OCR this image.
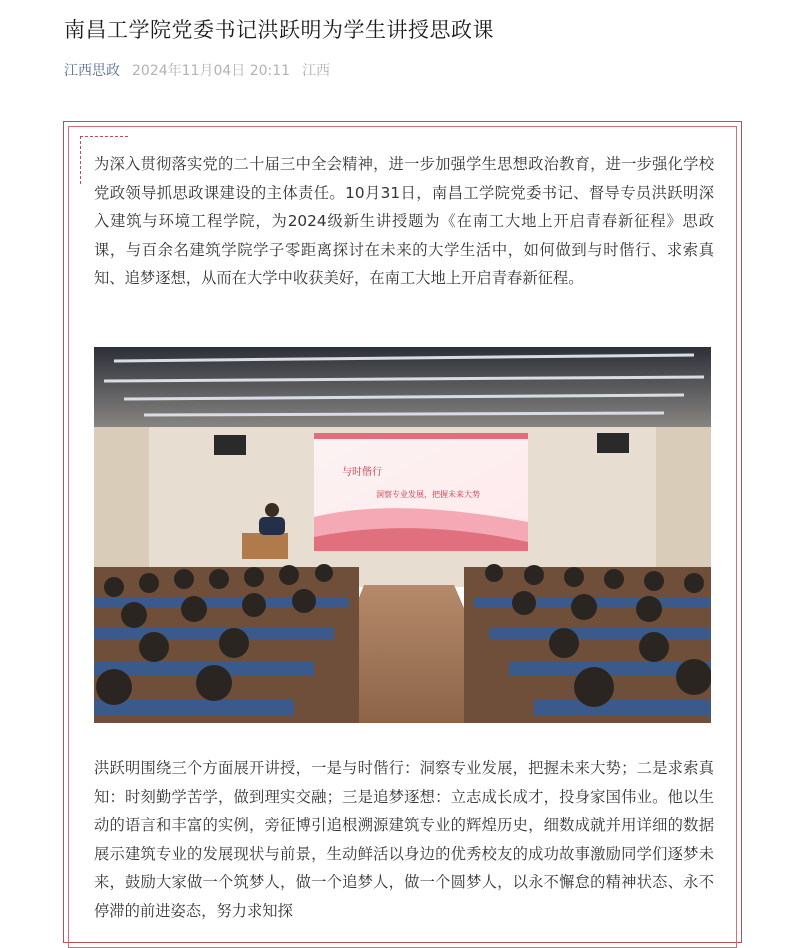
南昌工学院党委书记洪跃明为学生讲授思政课
江西思政 2024年11月04日 20:11 江西
为深入贯彻落实党的二十届三中全会精神，进一步加强学生思想政治教育，进一步强化学校党政领导抓思政课建设的主体责任。10月31日，南昌工学院党委书记、督导专员洪跃明深入建筑与环境工程学院，为2024级新生讲授题为《在南工大地上开启青春新征程》思政课，与百余名建筑学院学子零距离探讨在未来的大学生活中，如何做到与时偕行、求索真知、追梦逐想，从而在大学中收获美好，在南工大地上开启青春新征程。
与时偕行
洞察专业发展，把握未来大势
洪跃明围绕三个方面展开讲授，一是与时偕行：洞察专业发展，把握未来大势；二是求索真知：时刻勤学苦学，做到理实交融；三是追梦逐想：立志成长成才，投身家国伟业。他以生动的语言和丰富的实例，旁征博引追根溯源建筑专业的辉煌历史，细数成就并用详细的数据展示建筑专业的发展现状与前景，生动鲜活以身边的优秀校友的成功故事激励同学们逐梦未来，鼓励大家做一个筑梦人，做一个追梦人，做一个圆梦人，以永不懈怠的精神状态、永不停滞的前进姿态，努力求知探
